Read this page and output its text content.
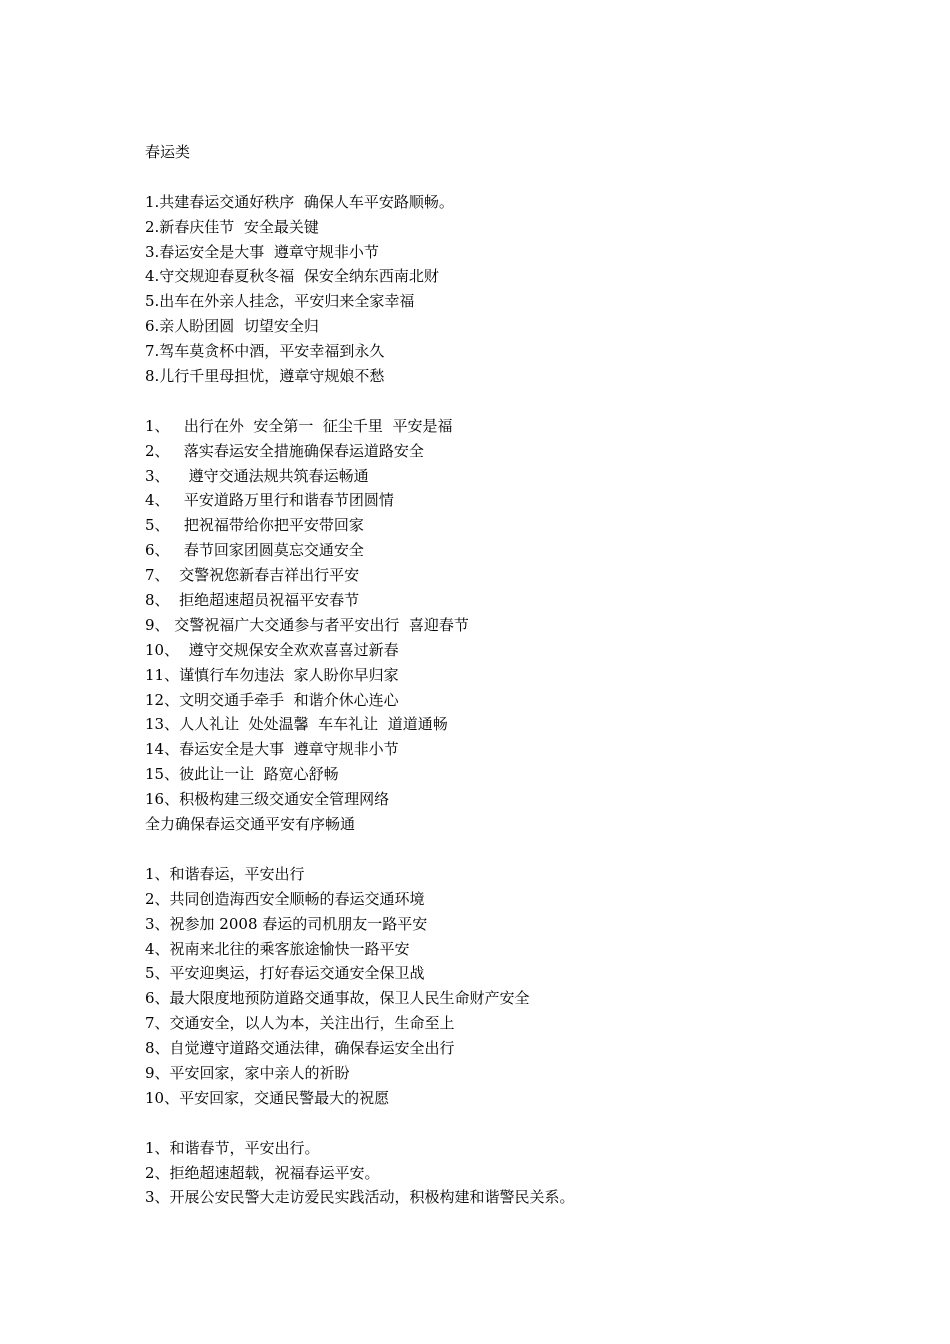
春运类
1.共建春运交通好秩序  确保人车平安路顺畅。
2.新春庆佳节  安全最关键
3.春运安全是大事  遵章守规非小节
4.守交规迎春夏秋冬福  保安全纳东西南北财
5.出车在外亲人挂念，平安归来全家幸福
6.亲人盼团圆  切望安全归
7.驾车莫贪杯中酒，平安幸福到永久
8.儿行千里母担忧，遵章守规娘不愁
1、   出行在外  安全第一  征尘千里  平安是福
2、   落实春运安全措施确保春运道路安全
3、    遵守交通法规共筑春运畅通
4、   平安道路万里行和谐春节团圆情
5、   把祝福带给你把平安带回家
6、   春节回家团圆莫忘交通安全
7、  交警祝您新春吉祥出行平安
8、  拒绝超速超员祝福平安春节
9、 交警祝福广大交通参与者平安出行  喜迎春节
10、  遵守交规保安全欢欢喜喜过新春
11、谨慎行车勿违法  家人盼你早归家
12、文明交通手牵手  和谐介休心连心
13、人人礼让  处处温馨  车车礼让  道道通畅
14、春运安全是大事  遵章守规非小节
15、彼此让一让  路宽心舒畅
16、积极构建三级交通安全管理网络
全力确保春运交通平安有序畅通
1、和谐春运，平安出行
2、共同创造海西安全顺畅的春运交通环境
3、祝参加 2008 春运的司机朋友一路平安
4、祝南来北往的乘客旅途愉快一路平安
5、平安迎奥运，打好春运交通安全保卫战
6、最大限度地预防道路交通事故，保卫人民生命财产安全
7、交通安全，以人为本，关注出行，生命至上
8、自觉遵守道路交通法律，确保春运安全出行
9、平安回家，家中亲人的祈盼
10、平安回家，交通民警最大的祝愿
1、和谐春节，平安出行。
2、拒绝超速超载，祝福春运平安。
3、开展公安民警大走访爱民实践活动，积极构建和谐警民关系。
